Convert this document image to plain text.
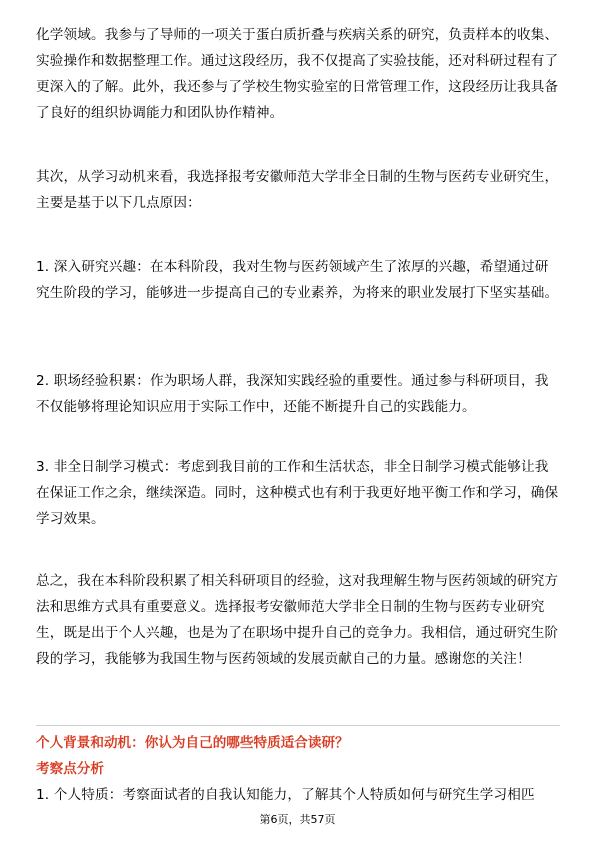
化学领域。我参与了导师的一项关于蛋白质折叠与疾病关系的研究，负责样本的收集、实验操作和数据整理工作。通过这段经历，我不仅提高了实验技能，还对科研过程有了更深入的了解。此外，我还参与了学校生物实验室的日常管理工作，这段经历让我具备了良好的组织协调能力和团队协作精神。

其次，从学习动机来看，我选择报考安徽师范大学非全日制的生物与医药专业研究生，主要是基于以下几点原因：

1. 深入研究兴趣：在本科阶段，我对生物与医药领域产生了浓厚的兴趣，希望通过研究生阶段的学习，能够进一步提高自己的专业素养，为将来的职业发展打下坚实基础。

2. 职场经验积累：作为职场人群，我深知实践经验的重要性。通过参与科研项目，我不仅能够将理论知识应用于实际工作中，还能不断提升自己的实践能力。

3. 非全日制学习模式：考虑到我目前的工作和生活状态，非全日制学习模式能够让我在保证工作之余，继续深造。同时，这种模式也有利于我更好地平衡工作和学习，确保学习效果。

总之，我在本科阶段积累了相关科研项目的经验，这对我理解生物与医药领域的研究方法和思维方式具有重要意义。选择报考安徽师范大学非全日制的生物与医药专业研究生，既是出于个人兴趣，也是为了在职场中提升自己的竞争力。我相信，通过研究生阶段的学习，我能够为我国生物与医药领域的发展贡献自己的力量。感谢您的关注！

个人背景和动机：你认为自己的哪些特质适合读研？

考察点分析

1. 个人特质：考察面试者的自我认知能力，了解其个人特质如何与研究生学习相匹

第6页，共57页
